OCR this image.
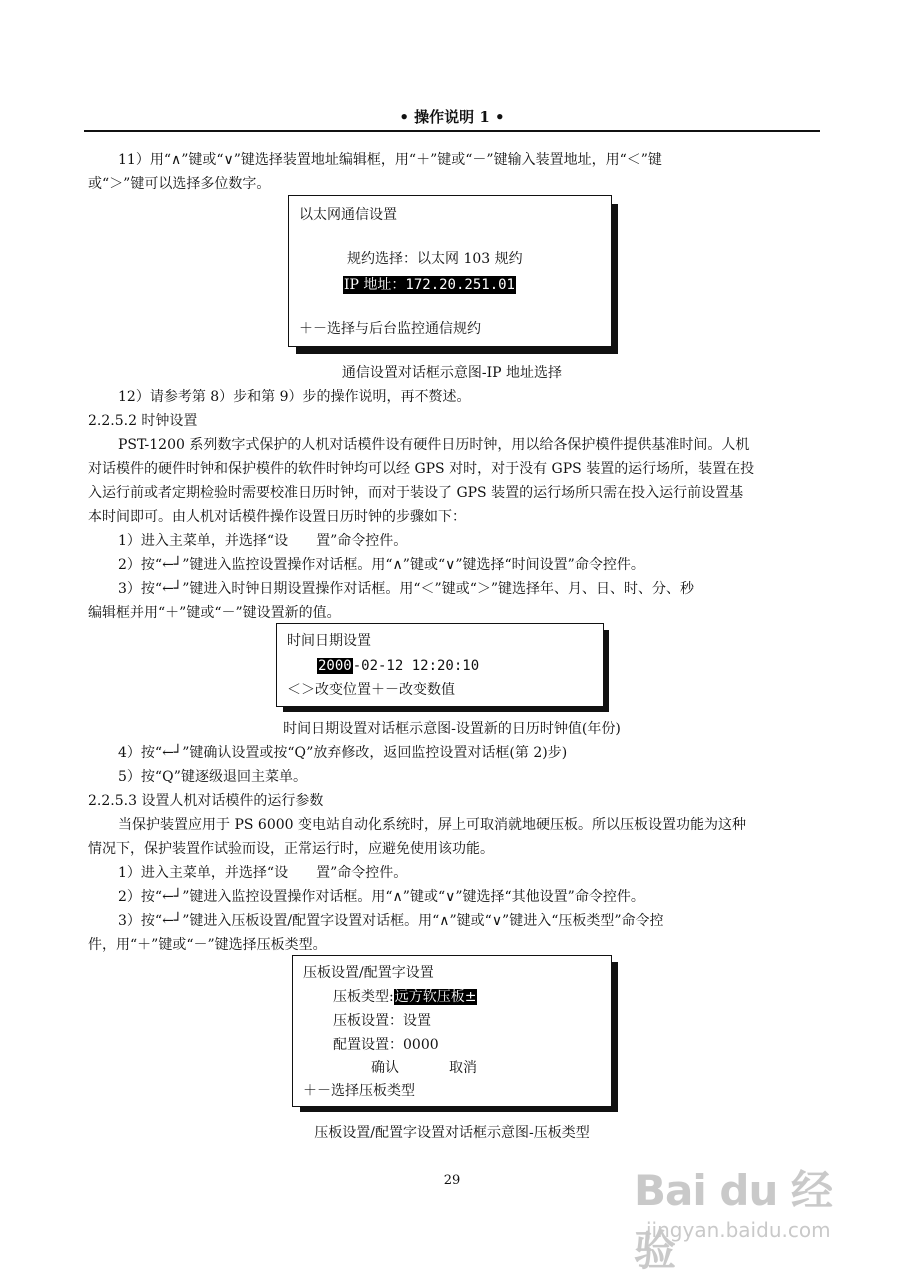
• 操作说明 1 •
11）用“∧”键或“∨”键选择装置地址编辑框，用“＋”键或“－”键输入装置地址，用“＜”键
或“＞”键可以选择多位数字。
以太网通信设置
规约选择：以太网 103 规约
IP 地址：172.20.251.01
＋－选择与后台监控通信规约
通信设置对话框示意图-IP 地址选择
12）请参考第 8）步和第 9）步的操作说明，再不赘述。
2.2.5.2 时钟设置
PST-1200 系列数字式保护的人机对话模件设有硬件日历时钟，用以给各保护模件提供基准时间。人机
对话模件的硬件时钟和保护模件的软件时钟均可以经 GPS 对时，对于没有 GPS 装置的运行场所，装置在投
入运行前或者定期检验时需要校准日历时钟，而对于装设了 GPS 装置的运行场所只需在投入运行前设置基
本时间即可。由人机对话模件操作设置日历时钟的步骤如下：
1）进入主菜单，并选择“设　　置”命令控件。
2）按“←┘”键进入监控设置操作对话框。用“∧”键或“∨”键选择“时间设置”命令控件。
3）按“←┘”键进入时钟日期设置操作对话框。用“＜”键或“＞”键选择年、月、日、时、分、秒
编辑框并用“＋”键或“－”键设置新的值。
时间日期设置
2000-02-12 12:20:10
＜＞改变位置＋－改变数值
时间日期设置对话框示意图-设置新的日历时钟值(年份)
4）按“←┘”键确认设置或按“Q”放弃修改，返回监控设置对话框(第 2)步)
5）按“Q”键逐级退回主菜单。
2.2.5.3 设置人机对话模件的运行参数
当保护装置应用于 PS 6000 变电站自动化系统时，屏上可取消就地硬压板。所以压板设置功能为这种
情况下，保护装置作试验而设，正常运行时，应避免使用该功能。
1）进入主菜单，并选择“设　　置”命令控件。
2）按“←┘”键进入监控设置操作对话框。用“∧”键或“∨”键选择“其他设置”命令控件。
3）按“←┘”键进入压板设置/配置字设置对话框。用“∧”键或“∨”键进入“压板类型”命令控
件，用“＋”键或“－”键选择压板类型。
压板设置/配置字设置
压板类型:远方软压板±
压板设置：设置
配置设置：0000
确认	取消
＋－选择压板类型
压板设置/配置字设置对话框示意图-压板类型
29	Bai du 经验
jingyan.baidu.com
